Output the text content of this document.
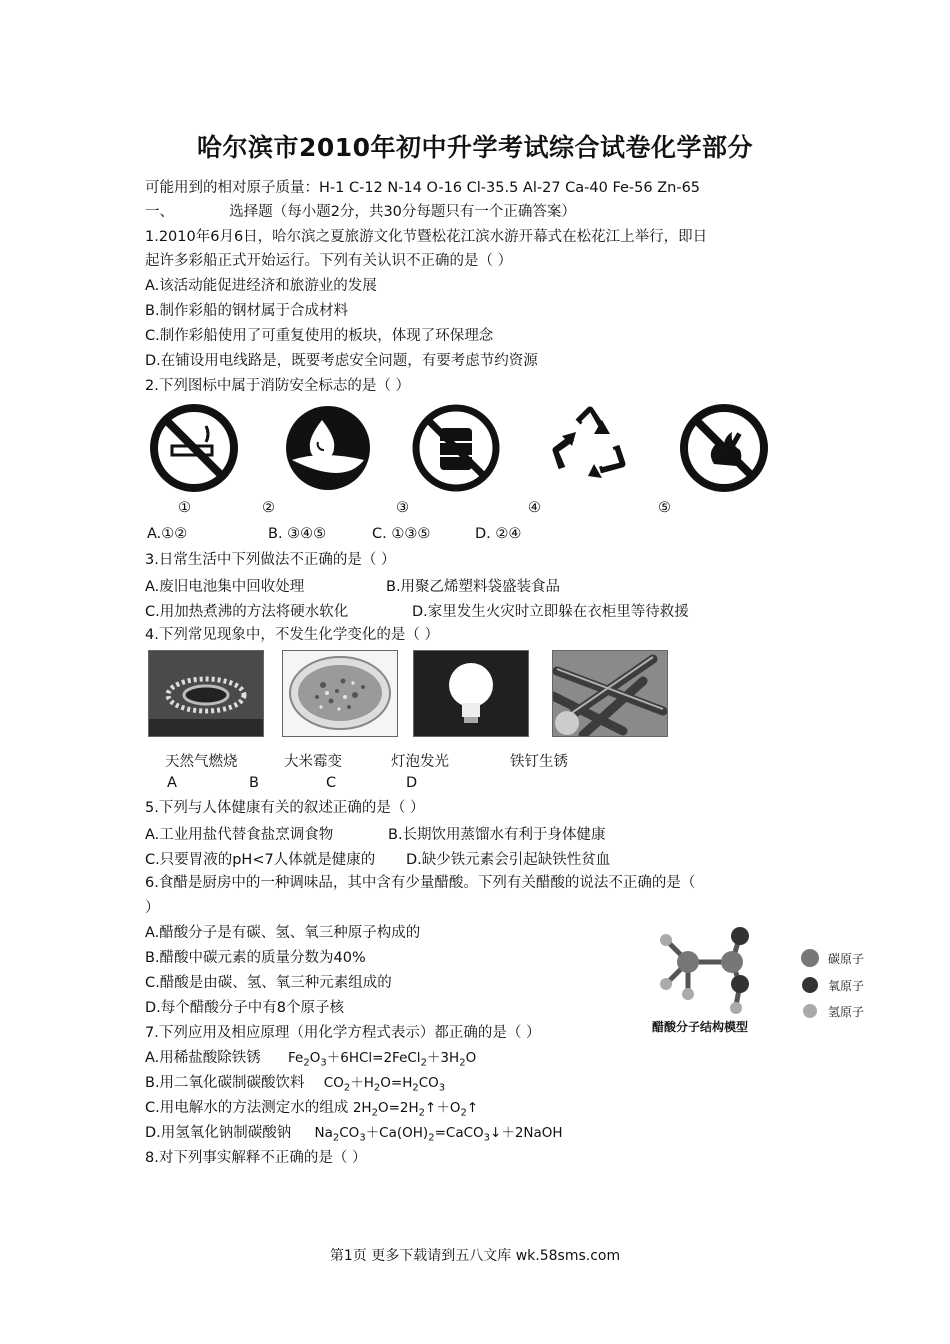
哈尔滨市2010年初中升学考试综合试卷化学部分
可能用到的相对原子质量：H-1 C-12 N-14 O-16 Cl-35.5 Al-27 Ca-40 Fe-56 Zn-65
一、	选择题（每小题2分，共30分每题只有一个正确答案）
1.2010年6月6日，哈尔滨之夏旅游文化节暨松花江滨水游开幕式在松花江上举行，即日
起许多彩船正式开始运行。下列有关认识不正确的是（ ）
A.该活动能促进经济和旅游业的发展
B.制作彩船的钢材属于合成材料
C.制作彩船使用了可重复使用的板块，体现了环保理念
D.在铺设用电线路是，既要考虑安全问题，有要考虑节约资源
2.下列图标中属于消防安全标志的是（ ）
①	②	③	④	⑤
A.①②	B. ③④⑤	C. ①③⑤	D. ②④
3.日常生活中下列做法不正确的是（ ）
A.废旧电池集中回收处理	B.用聚乙烯塑料袋盛装食品
C.用加热煮沸的方法将硬水软化	D.家里发生火灾时立即躲在衣柜里等待救援
4.下列常见现象中，不发生化学变化的是（ ）
天然气燃烧	大米霉变	灯泡发光	铁钉生锈
A	B	C	D
5.下列与人体健康有关的叙述正确的是（ ）
A.工业用盐代替食盐烹调食物	B.长期饮用蒸馏水有利于身体健康
C.只要胃液的pH<7人体就是健康的 D.缺少铁元素会引起缺铁性贫血
6.食醋是厨房中的一种调味品，其中含有少量醋酸。下列有关醋酸的说法不正确的是（
）
A.醋酸分子是有碳、氢、氧三种原子构成的
B.醋酸中碳元素的质量分数为40%
C.醋酸是由碳、氢、氧三种元素组成的
D.每个醋酸分子中有8个原子核
碳原子
氧原子
氢原子
醋酸分子结构模型
7.下列应用及相应原理（用化学方程式表示）都正确的是（ ）
A.用稀盐酸除铁锈 $Fe_2O_3+6HCl=2FeCl_2+3H_2O$
B.用二氧化碳制碳酸饮料 $CO_2+H_2O=H_2CO_3$
C.用电解水的方法测定水的组成 $2H_2O=2H_2↑+O_2↑$
D.用氢氧化钠制碳酸钠 $Na_2CO_3+Ca(OH)_2=CaCO_3↓+2NaOH$
8.对下列事实解释不正确的是（ ）
第1页 更多下载请到五八文库 wk.58sms.com
